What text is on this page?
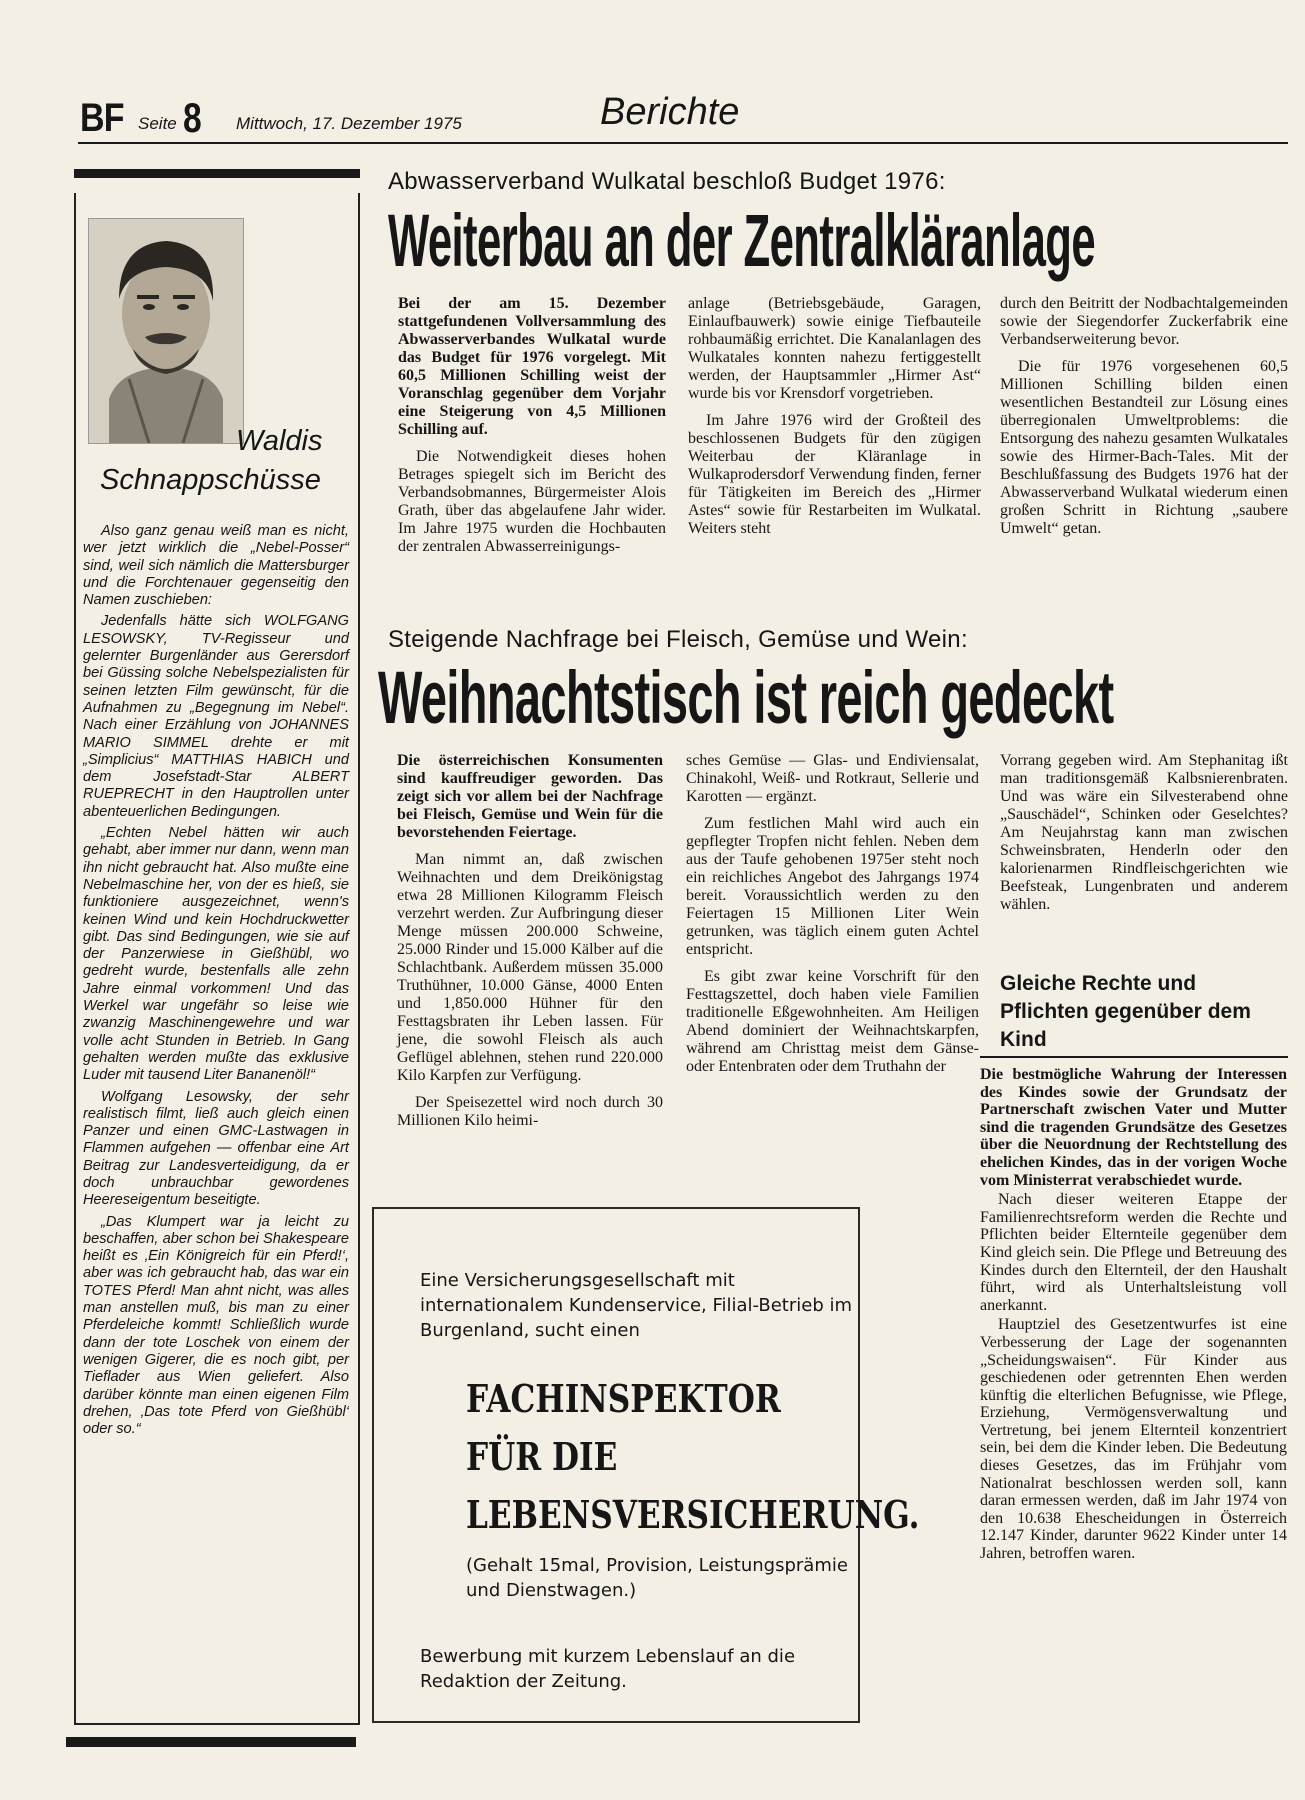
BF Seite 8 Mittwoch, 17. Dezember 1975	Berichte
Waldis
Schnappschüsse

Also ganz genau weiß man es nicht, wer jetzt wirklich die „Nebel-Posser“ sind, weil sich nämlich die Mattersburger und die Forchtenauer gegenseitig den Namen zuschieben:

Jedenfalls hätte sich WOLFGANG LESOWSKY, TV-Regisseur und gelernter Burgenländer aus Gerersdorf bei Güssing solche Nebelspezialisten für seinen letzten Film gewünscht, für die Aufnahmen zu „Begegnung im Nebel“. Nach einer Erzählung von JOHANNES MARIO SIMMEL drehte er mit „Simplicius“ MATTHIAS HABICH und dem Josefstadt-Star ALBERT RUEPRECHT in den Hauptrollen unter abenteuerlichen Bedingungen.

„Echten Nebel hätten wir auch gehabt, aber immer nur dann, wenn man ihn nicht gebraucht hat. Also mußte eine Nebelmaschine her, von der es hieß, sie funktioniere ausgezeichnet, wenn's keinen Wind und kein Hochdruckwetter gibt. Das sind Bedingungen, wie sie auf der Panzerwiese in Gießhübl, wo gedreht wurde, bestenfalls alle zehn Jahre einmal vorkommen! Und das Werkel war ungefähr so leise wie zwanzig Maschinengewehre und war volle acht Stunden in Betrieb. In Gang gehalten werden mußte das exklusive Luder mit tausend Liter Bananenöl!“

Wolfgang Lesowsky, der sehr realistisch filmt, ließ auch gleich einen Panzer und einen GMC-Lastwagen in Flammen aufgehen — offenbar eine Art Beitrag zur Landesverteidigung, da er doch unbrauchbar gewordenes Heereseigentum beseitigte.

„Das Klumpert war ja leicht zu beschaffen, aber schon bei Shakespeare heißt es ‚Ein Königreich für ein Pferd!‘, aber was ich gebraucht hab, das war ein TOTES Pferd! Man ahnt nicht, was alles man anstellen muß, bis man zu einer Pferdeleiche kommt! Schließlich wurde dann der tote Loschek von einem der wenigen Gigerer, die es noch gibt, per Tieflader aus Wien geliefert. Also darüber könnte man einen eigenen Film drehen, ‚Das tote Pferd von Gießhübl‘ oder so.“

Abwasserverband Wulkatal beschloß Budget 1976:
Weiterbau an der Zentralkläranlage

Bei der am 15. Dezember stattgefundenen Vollversammlung des Abwasserverbandes Wulkatal wurde das Budget für 1976 vorgelegt. Mit 60,5 Millionen Schilling weist der Voranschlag gegenüber dem Vorjahr eine Steigerung von 4,5 Millionen Schilling auf.

Die Notwendigkeit dieses hohen Betrages spiegelt sich im Bericht des Verbandsobmannes, Bürgermeister Alois Grath, über das abgelaufene Jahr wider. Im Jahre 1975 wurden die Hochbauten der zentralen Abwasserreinigungs-

anlage (Betriebsgebäude, Garagen, Einlaufbauwerk) sowie einige Tiefbauteile rohbaumäßig errichtet. Die Kanalanlagen des Wulkatales konnten nahezu fertiggestellt werden, der Hauptsammler „Hirmer Ast“ wurde bis vor Krensdorf vorgetrieben.

Im Jahre 1976 wird der Großteil des beschlossenen Budgets für den zügigen Weiterbau der Kläranlage in Wulkaprodersdorf Verwendung finden, ferner für Tätigkeiten im Bereich des „Hirmer Astes“ sowie für Restarbeiten im Wulkatal. Weiters steht

durch den Beitritt der Nodbachtalgemeinden sowie der Siegendorfer Zuckerfabrik eine Verbandserweiterung bevor.

Die für 1976 vorgesehenen 60,5 Millionen Schilling bilden einen wesentlichen Bestandteil zur Lösung eines überregionalen Umweltproblems: die Entsorgung des nahezu gesamten Wulkatales sowie des Hirmer-Bach-Tales. Mit der Beschlußfassung des Budgets 1976 hat der Abwasserverband Wulkatal wiederum einen großen Schritt in Richtung „saubere Umwelt“ getan.

Steigende Nachfrage bei Fleisch, Gemüse und Wein:
Weihnachtstisch ist reich gedeckt

Die österreichischen Konsumenten sind kauffreudiger geworden. Das zeigt sich vor allem bei der Nachfrage bei Fleisch, Gemüse und Wein für die bevorstehenden Feiertage.

Man nimmt an, daß zwischen Weihnachten und dem Dreikönigstag etwa 28 Millionen Kilogramm Fleisch verzehrt werden. Zur Aufbringung dieser Menge müssen 200.000 Schweine, 25.000 Rinder und 15.000 Kälber auf die Schlachtbank. Außerdem müssen 35.000 Truthühner, 10.000 Gänse, 4000 Enten und 1,850.000 Hühner für den Festtagsbraten ihr Leben lassen. Für jene, die sowohl Fleisch als auch Geflügel ablehnen, stehen rund 220.000 Kilo Karpfen zur Verfügung.

Der Speisezettel wird noch durch 30 Millionen Kilo heimi-

sches Gemüse — Glas- und Endiviensalat, Chinakohl, Weiß- und Rotkraut, Sellerie und Karotten — ergänzt.

Zum festlichen Mahl wird auch ein gepflegter Tropfen nicht fehlen. Neben dem aus der Taufe gehobenen 1975er steht noch ein reichliches Angebot des Jahrgangs 1974 bereit. Voraussichtlich werden zu den Feiertagen 15 Millionen Liter Wein getrunken, was täglich einem guten Achtel entspricht.

Es gibt zwar keine Vorschrift für den Festtagszettel, doch haben viele Familien traditionelle Eßgewohnheiten. Am Heiligen Abend dominiert der Weihnachtskarpfen, während am Christtag meist dem Gänse- oder Entenbraten oder dem Truthahn der

Vorrang gegeben wird. Am Stephanitag ißt man traditionsgemäß Kalbsnierenbraten. Und was wäre ein Silvesterabend ohne „Sauschädel“, Schinken oder Geselchtes? Am Neujahrstag kann man zwischen Schweinsbraten, Henderln oder den kalorienarmen Rindfleischgerichten wie Beefsteak, Lungenbraten und anderem wählen.

Gleiche Rechte und Pflichten gegenüber dem Kind

Die bestmögliche Wahrung der Interessen des Kindes sowie der Grundsatz der Partnerschaft zwischen Vater und Mutter sind die tragenden Grundsätze des Gesetzes über die Neuordnung der Rechtstellung des ehelichen Kindes, das in der vorigen Woche vom Ministerrat verabschiedet wurde.

Nach dieser weiteren Etappe der Familienrechtsreform werden die Rechte und Pflichten beider Elternteile gegenüber dem Kind gleich sein. Die Pflege und Betreuung des Kindes durch den Elternteil, der den Haushalt führt, wird als Unterhaltsleistung voll anerkannt.

Hauptziel des Gesetzentwurfes ist eine Verbesserung der Lage der sogenannten „Scheidungswaisen“. Für Kinder aus geschiedenen oder getrennten Ehen werden künftig die elterlichen Befugnisse, wie Pflege, Erziehung, Vermögensverwaltung und Vertretung, bei jenem Elternteil konzentriert sein, bei dem die Kinder leben. Die Bedeutung dieses Gesetzes, das im Frühjahr vom Nationalrat beschlossen werden soll, kann daran ermessen werden, daß im Jahr 1974 von den 10.638 Ehescheidungen in Österreich 12.147 Kinder, darunter 9622 Kinder unter 14 Jahren, betroffen waren.

Eine Versicherungsgesellschaft mit internationalem Kundenservice, Filial-Betrieb im Burgenland, sucht einen
FACHINSPEKTOR
FÜR DIE
LEBENSVERSICHERUNG.
(Gehalt 15mal, Provision, Leistungsprämie und Dienstwagen.)
Bewerbung mit kurzem Lebenslauf an die Redaktion der Zeitung.
